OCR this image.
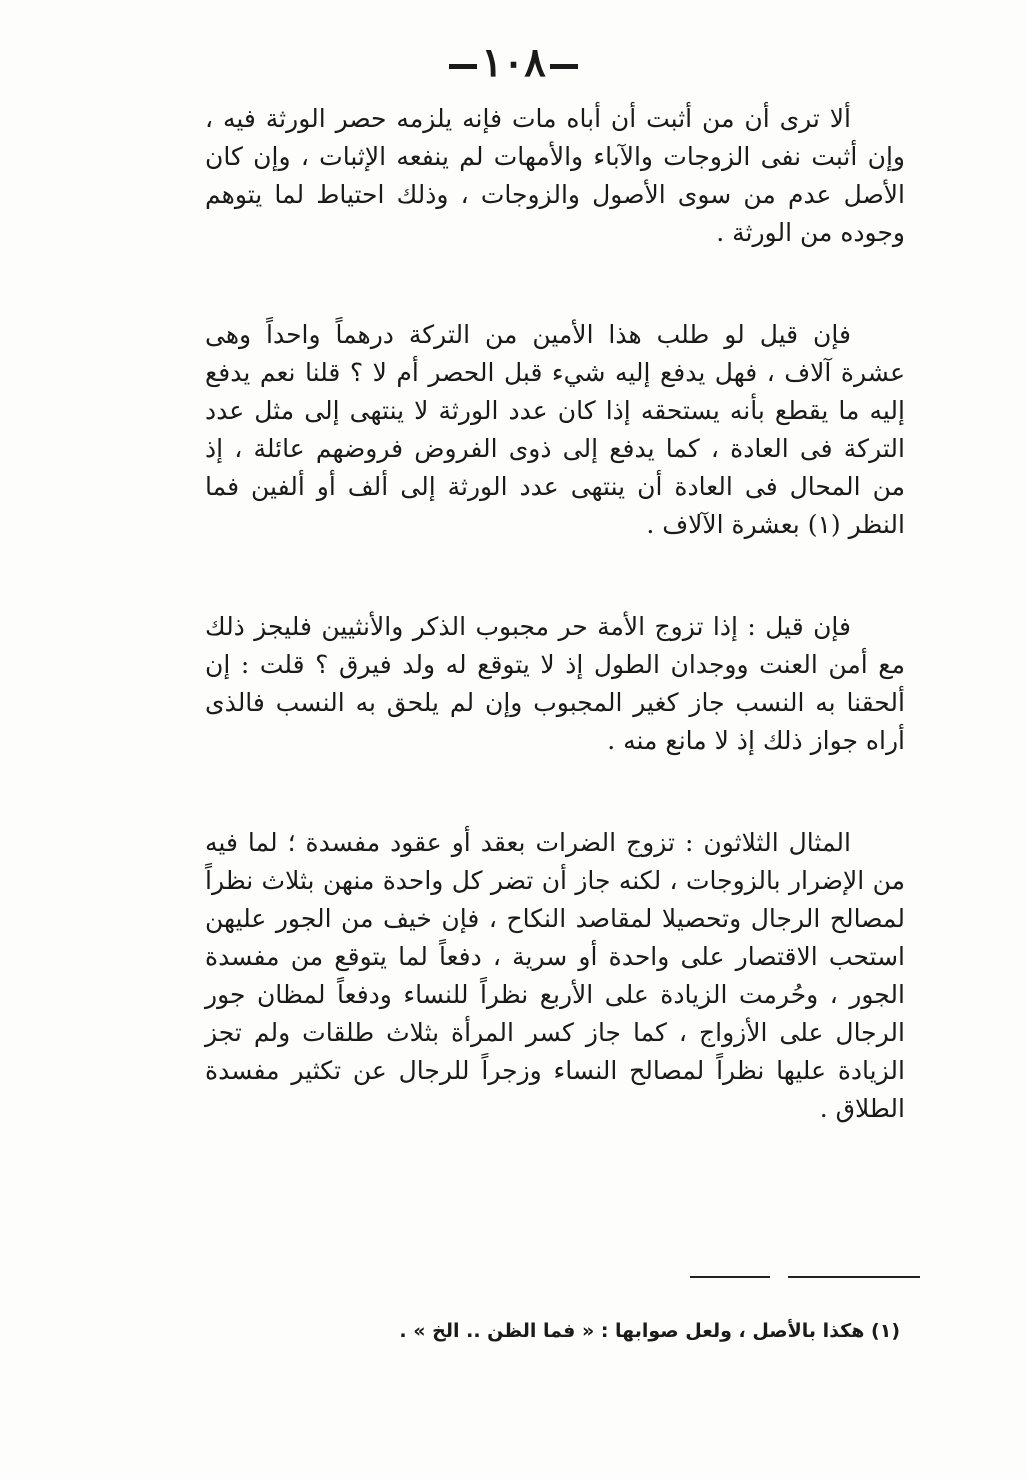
١٠٨

ألا ترى أن من أثبت أن أباه مات فإنه يلزمه حصر الورثة فيه ، وإن أثبت نفى الزوجات والآباء والأمهات لم ينفعه الإثبات ، وإن كان الأصل عدم من سوى الأصول والزوجات ، وذلك احتياط لما يتوهم وجوده من الورثة .

فإن قيل لو طلب هذا الأمين من التركة درهماً واحداً وهى عشرة آلاف ، فهل يدفع إليه شيء قبل الحصر أم لا ؟ قلنا نعم يدفع إليه ما يقطع بأنه يستحقه إذا كان عدد الورثة لا ينتهى إلى مثل عدد التركة فى العادة ، كما يدفع إلى ذوى الفروض فروضهم عائلة ، إذ من المحال فى العادة أن ينتهى عدد الورثة إلى ألف أو ألفين فما النظر (١) بعشرة الآلاف .

فإن قيل : إذا تزوج الأمة حر مجبوب الذكر والأنثيين فليجز ذلك مع أمن العنت ووجدان الطول إذ لا يتوقع له ولد فيرق ؟ قلت : إن ألحقنا به النسب جاز كغير المجبوب وإن لم يلحق به النسب فالذى أراه جواز ذلك إذ لا مانع منه .

المثال الثلاثون : تزوج الضرات بعقد أو عقود مفسدة ؛ لما فيه من الإضرار بالزوجات ، لكنه جاز أن تضر كل واحدة منهن بثلاث نظراً لمصالح الرجال وتحصيلا لمقاصد النكاح ، فإن خيف من الجور عليهن استحب الاقتصار على واحدة أو سرية ، دفعاً لما يتوقع من مفسدة الجور ، وحُرمت الزيادة على الأربع نظراً للنساء ودفعاً لمظان جور الرجال على الأزواج ، كما جاز كسر المرأة بثلاث طلقات ولم تجز الزيادة عليها نظراً لمصالح النساء وزجراً للرجال عن تكثير مفسدة الطلاق .

(١) هكذا بالأصل ، ولعل صوابها : « فما الظن .. الخ » .
